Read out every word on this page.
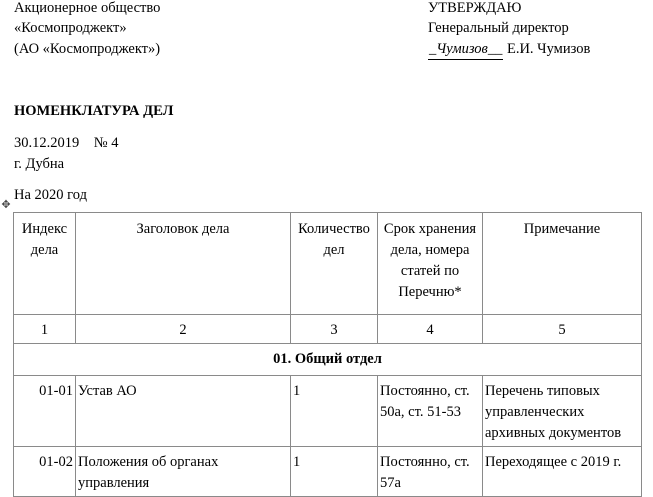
Акционерное общество
«Космопроджект»
(АО «Космопроджект»)
УТВЕРЖДАЮ
Генеральный директор
_Чумизов__ Е.И. Чумизов
НОМЕНКЛАТУРА ДЕЛ
30.12.2019 № 4
г. Дубна
На 2020 год
✥
Индекс дела	Заголовок дела	Количество дел	Срок хранения дела, номера статей по Перечню*	Примечание
1	2	3	4	5
01. Общий отдел				
01-01	Устав АО	1	Постоянно, ст. 50а, ст. 51-53	Перечень типовых управленческих архивных документов
01-02	Положения об органах управления	1	Постоянно, ст. 57а	Переходящее с 2019 г.
